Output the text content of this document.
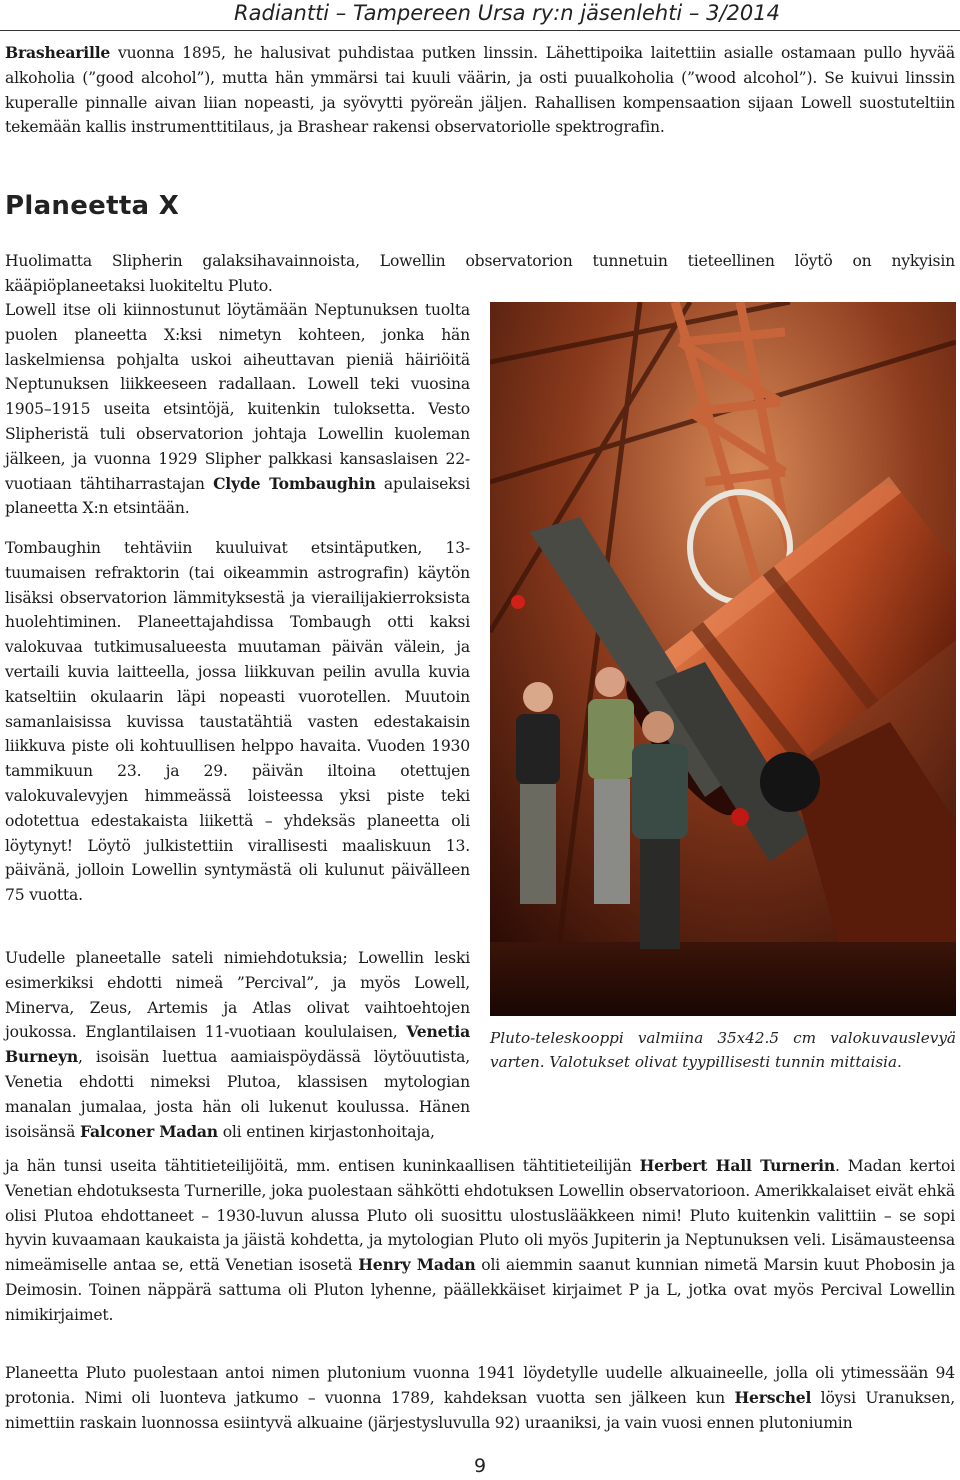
Radiantti – Tampereen Ursa ry:n jäsenlehti – 3/2014

Brashearille vuonna 1895, he halusivat puhdistaa putken linssin. Lähettipoika laitettiin asialle ostamaan pullo hyvää alkoholia (”good alcohol”), mutta hän ymmärsi tai kuuli väärin, ja osti puualkoholia (”wood alcohol”). Se kuivui linssin kuperalle pinnalle aivan liian nopeasti, ja syövytti pyöreän jäljen. Rahallisen kompensaation sijaan Lowell suostuteltiin tekemään kallis instrumenttitilaus, ja Brashear rakensi observatoriolle spektrografin.

Planeetta X

Huolimatta Slipherin galaksihavainnoista, Lowellin observatorion tunnetuin tieteellinen löytö on nykyisin kääpiöplaneetaksi luokiteltu Pluto.

Lowell itse oli kiinnostunut löytämään Neptunuksen tuolta puolen planeetta X:ksi nimetyn kohteen, jonka hän laskelmiensa pohjalta uskoi aiheuttavan pieniä häiriöitä Neptunuksen liikkeeseen radallaan. Lowell teki vuosina 1905–1915 useita etsintöjä, kuitenkin tuloksetta. Vesto Slipheristä tuli observatorion johtaja Lowellin kuoleman jälkeen, ja vuonna 1929 Slipher palkkasi kansaslaisen 22-vuotiaan tähtiharrastajan Clyde Tombaughin apulaiseksi planeetta X:n etsintään.

Tombaughin tehtäviin kuuluivat etsintäputken, 13-tuumaisen refraktorin (tai oikeammin astrografin) käytön lisäksi observatorion lämmityksestä ja vierailijakierroksista huolehtiminen. Planeettajahdissa Tombaugh otti kaksi valokuvaa tutkimusalueesta muutaman päivän välein, ja vertaili kuvia laitteella, jossa liikkuvan peilin avulla kuvia katseltiin okulaarin läpi nopeasti vuorotellen. Muutoin samanlaisissa kuvissa taustatähtiä vasten edestakaisin liikkuva piste oli kohtuullisen helppo havaita. Vuoden 1930 tammikuun 23. ja 29. päivän iltoina otettujen valokuvalevyjen himmeässä loisteessa yksi piste teki odotettua edestakaista liikettä – yhdeksäs planeetta oli löytynyt! Löytö julkistettiin virallisesti maaliskuun 13. päivänä, jolloin Lowellin syntymästä oli kulunut päivälleen 75 vuotta.

Uudelle planeetalle sateli nimiehdotuksia; Lowellin leski esimerkiksi ehdotti nimeä ”Percival”, ja myös Lowell, Minerva, Zeus, Artemis ja Atlas olivat vaihtoehtojen joukossa. Englantilaisen 11-vuotiaan koululaisen, Venetia Burneyn, isoisän luettua aamiaispöydässä löytöuutista, Venetia ehdotti nimeksi Plutoa, klassisen mytologian manalan jumalaa, josta hän oli lukenut koulussa. Hänen isoisänsä Falconer Madan oli entinen kirjastonhoitaja,

ja hän tunsi useita tähtitieteilijöitä, mm. entisen kuninkaallisen tähtitieteilijän Herbert Hall Turnerin. Madan kertoi Venetian ehdotuksesta Turnerille, joka puolestaan sähkötti ehdotuksen Lowellin observatorioon. Amerikkalaiset eivät ehkä olisi Plutoa ehdottaneet – 1930-luvun alussa Pluto oli suosittu ulostuslääkkeen nimi! Pluto kuitenkin valittiin – se sopi hyvin kuvaamaan kaukaista ja jäistä kohdetta, ja mytologian Pluto oli myös Jupiterin ja Neptunuksen veli. Lisämausteensa nimeämiselle antaa se, että Venetian isosetä Henry Madan oli aiemmin saanut kunnian nimetä Marsin kuut Phobosin ja Deimosin. Toinen näppärä sattuma oli Pluton lyhenne, päällekkäiset kirjaimet P ja L, jotka ovat myös Percival Lowellin nimikirjaimet.

Planeetta Pluto puolestaan antoi nimen plutonium vuonna 1941 löydetylle uudelle alkuaineelle, jolla oli ytimessään 94 protonia. Nimi oli luonteva jatkumo – vuonna 1789, kahdeksan vuotta sen jälkeen kun Herschel löysi Uranuksen, nimettiin raskain luonnossa esiintyvä alkuaine (järjestysluvulla 92) uraaniksi, ja vain vuosi ennen plutoniumin

Pluto-teleskooppi valmiina 35x42.5 cm valokuvauslevyä varten. Valotukset olivat tyypillisesti tunnin mittaisia.

9
